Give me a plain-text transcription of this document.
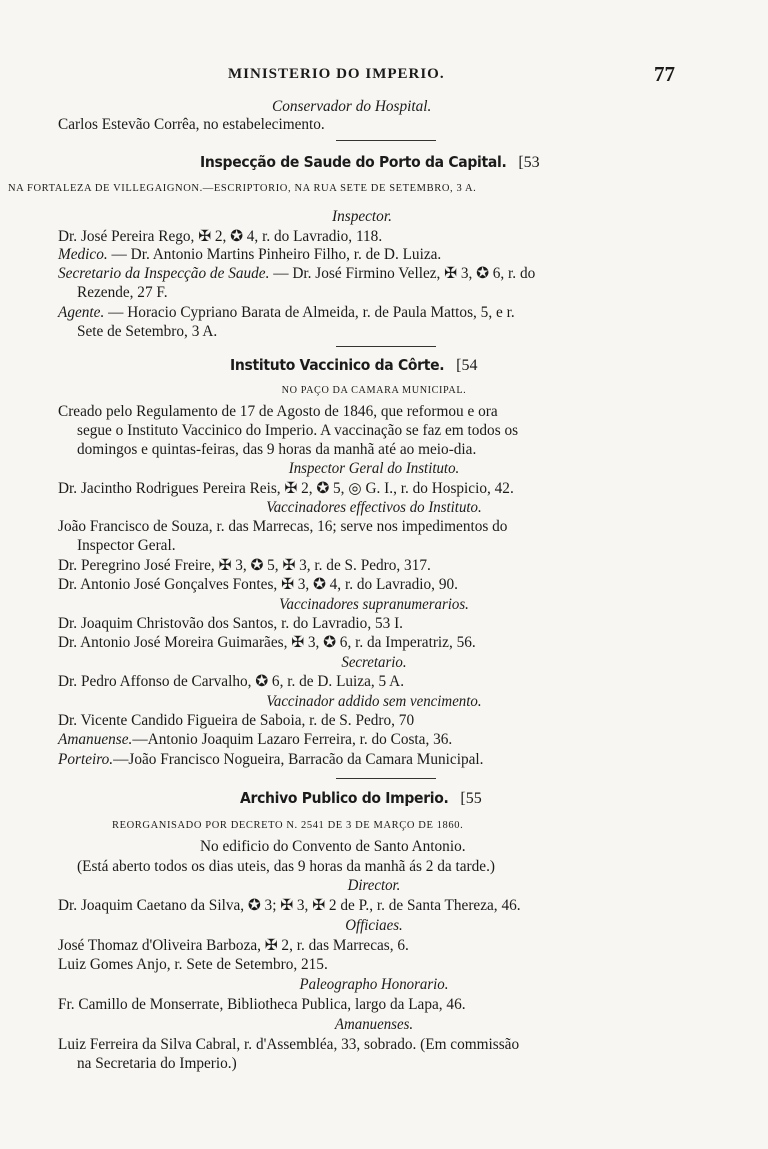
MINISTERIO DO IMPERIO.	77
Conservador do Hospital.
Carlos Estevão Corrêa, no estabelecimento.
Inspecção de Saude do Porto da Capital. [53
NA FORTALEZA DE VILLEGAIGNON.—ESCRIPTORIO, NA RUA SETE DE SETEMBRO, 3 A.
Inspector.
Dr. José Pereira Rego, ✠ 2, ✪ 4, r. do Lavradio, 118.
Medico. — Dr. Antonio Martins Pinheiro Filho, r. de D. Luiza.
Secretario da Inspecção de Saude. — Dr. José Firmino Vellez, ✠ 3, ✪ 6, r. do
Rezende, 27 F.
Agente. — Horacio Cypriano Barata de Almeida, r. de Paula Mattos, 5, e r.
Sete de Setembro, 3 A.
Instituto Vaccinico da Côrte. [54
NO PAÇO DA CAMARA MUNICIPAL.
Creado pelo Regulamento de 17 de Agosto de 1846, que reformou e ora
segue o Instituto Vaccinico do Imperio. A vaccinação se faz em todos os
domingos e quintas-feiras, das 9 horas da manhã até ao meio-dia.
Inspector Geral do Instituto.
Dr. Jacintho Rodrigues Pereira Reis, ✠ 2, ✪ 5, ◎ G. I., r. do Hospicio, 42.
Vaccinadores effectivos do Instituto.
João Francisco de Souza, r. das Marrecas, 16; serve nos impedimentos do
Inspector Geral.
Dr. Peregrino José Freire, ✠ 3, ✪ 5, ✠ 3, r. de S. Pedro, 317.
Dr. Antonio José Gonçalves Fontes, ✠ 3, ✪ 4, r. do Lavradio, 90.
Vaccinadores supranumerarios.
Dr. Joaquim Christovão dos Santos, r. do Lavradio, 53 I.
Dr. Antonio José Moreira Guimarães, ✠ 3, ✪ 6, r. da Imperatriz, 56.
Secretario.
Dr. Pedro Affonso de Carvalho, ✪ 6, r. de D. Luiza, 5 A.
Vaccinador addido sem vencimento.
Dr. Vicente Candido Figueira de Saboia, r. de S. Pedro, 70
Amanuense.—Antonio Joaquim Lazaro Ferreira, r. do Costa, 36.
Porteiro.—João Francisco Nogueira, Barracão da Camara Municipal.
Archivo Publico do Imperio. [55
REORGANISADO POR DECRETO N. 2541 DE 3 DE MARÇO DE 1860.
No edificio do Convento de Santo Antonio.
(Está aberto todos os dias uteis, das 9 horas da manhã ás 2 da tarde.)
Director.
Dr. Joaquim Caetano da Silva, ✪ 3; ✠ 3, ✠ 2 de P., r. de Santa Thereza, 46.
Officiaes.
José Thomaz d'Oliveira Barboza, ✠ 2, r. das Marrecas, 6.
Luiz Gomes Anjo, r. Sete de Setembro, 215.
Paleographo Honorario.
Fr. Camillo de Monserrate, Bibliotheca Publica, largo da Lapa, 46.
Amanuenses.
Luiz Ferreira da Silva Cabral, r. d'Assembléa, 33, sobrado. (Em commissão
na Secretaria do Imperio.)
